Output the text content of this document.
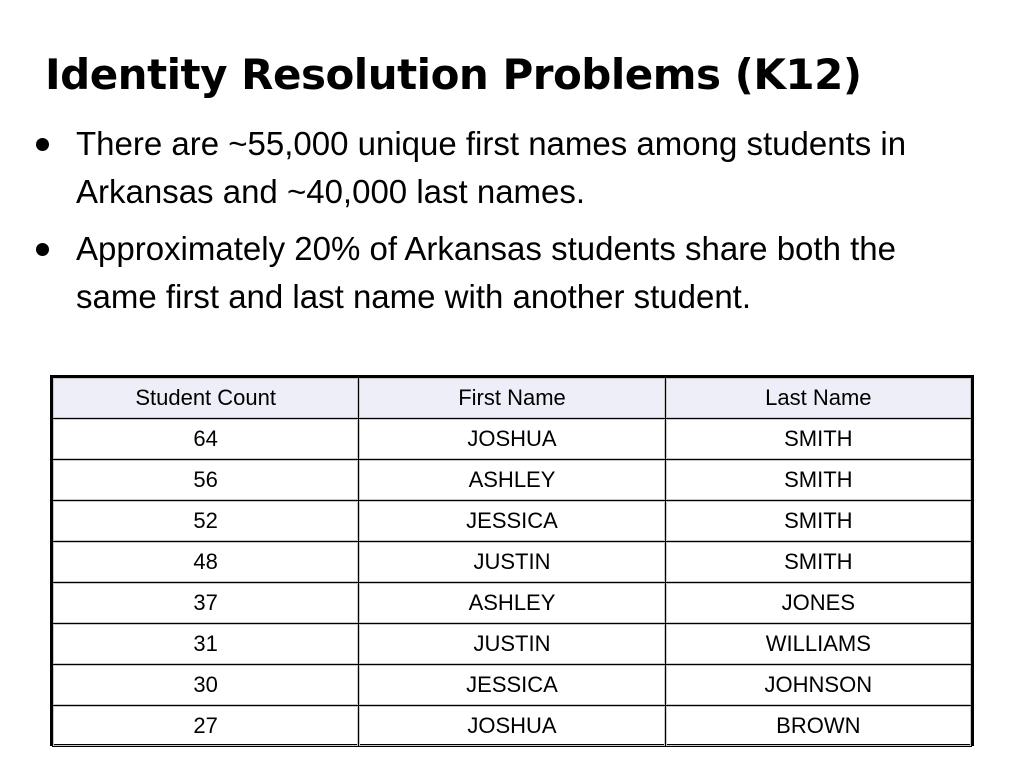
Identity Resolution Problems (K12)
There are ~55,000 unique first names among students in Arkansas and ~40,000 last names.
Approximately 20% of Arkansas students share both the same first and last name with another student.
Student Count	First Name	Last Name
64	JOSHUA	SMITH
56	ASHLEY	SMITH
52	JESSICA	SMITH
48	JUSTIN	SMITH
37	ASHLEY	JONES
31	JUSTIN	WILLIAMS
30	JESSICA	JOHNSON
27	JOSHUA	BROWN
